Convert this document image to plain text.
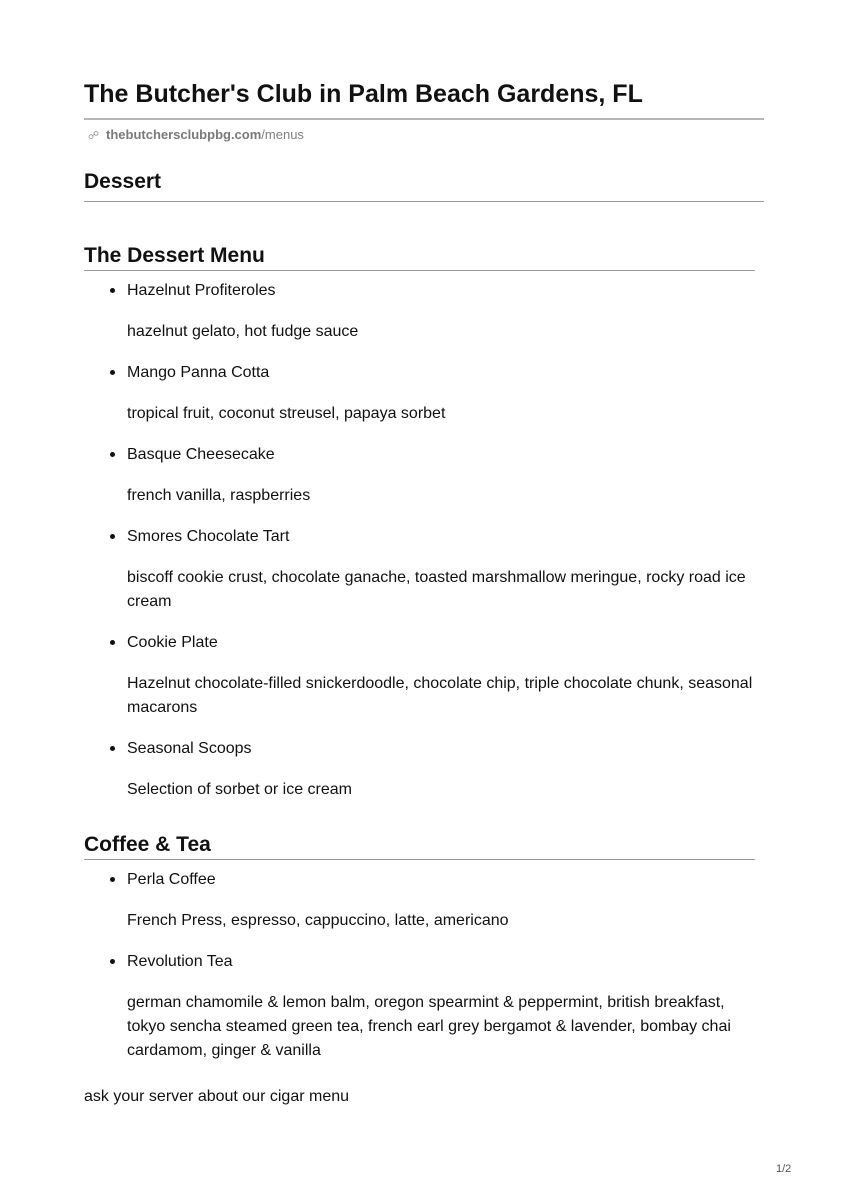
The Butcher's Club in Palm Beach Gardens, FL
☍ thebutchersclubpbg.com/menus
Dessert
The Dessert Menu
Hazelnut Profiteroles
hazelnut gelato, hot fudge sauce
Mango Panna Cotta
tropical fruit, coconut streusel, papaya sorbet
Basque Cheesecake
french vanilla, raspberries
Smores Chocolate Tart
biscoff cookie crust, chocolate ganache, toasted marshmallow meringue, rocky road ice cream
Cookie Plate
Hazelnut chocolate-filled snickerdoodle, chocolate chip, triple chocolate chunk, seasonal macarons
Seasonal Scoops
Selection of sorbet or ice cream
Coffee & Tea
Perla Coffee
French Press, espresso, cappuccino, latte, americano
Revolution Tea
german chamomile & lemon balm, oregon spearmint & peppermint, british breakfast, tokyo sencha steamed green tea, french earl grey bergamot & lavender, bombay chai cardamom, ginger & vanilla
ask your server about our cigar menu
1/2
